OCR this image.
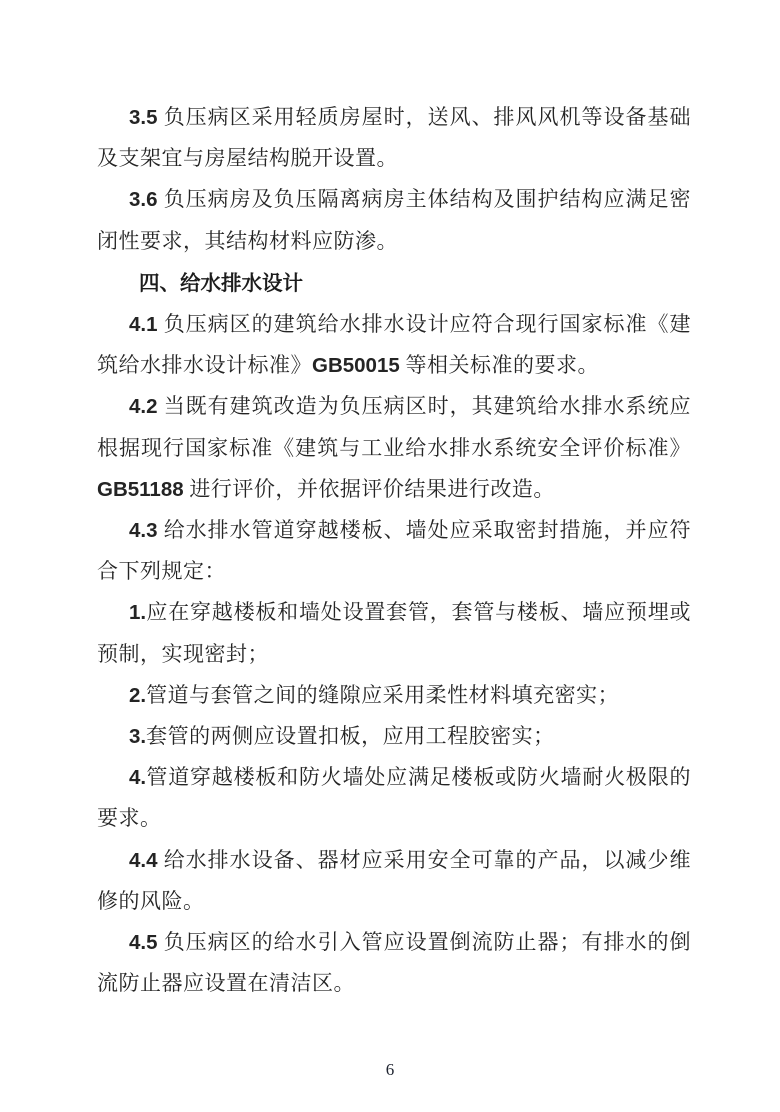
3.5 负压病区采用轻质房屋时，送风、排风风机等设备基础及支架宜与房屋结构脱开设置。

3.6 负压病房及负压隔离病房主体结构及围护结构应满足密闭性要求，其结构材料应防渗。

四、给水排水设计

4.1 负压病区的建筑给水排水设计应符合现行国家标准《建筑给水排水设计标准》GB50015 等相关标准的要求。

4.2 当既有建筑改造为负压病区时，其建筑给水排水系统应根据现行国家标准《建筑与工业给水排水系统安全评价标准》GB51188 进行评价，并依据评价结果进行改造。

4.3 给水排水管道穿越楼板、墙处应采取密封措施，并应符合下列规定：

1.应在穿越楼板和墙处设置套管，套管与楼板、墙应预埋或预制，实现密封；

2.管道与套管之间的缝隙应采用柔性材料填充密实；

3.套管的两侧应设置扣板，应用工程胶密实；

4.管道穿越楼板和防火墙处应满足楼板或防火墙耐火极限的要求。

4.4 给水排水设备、器材应采用安全可靠的产品，以减少维修的风险。

4.5 负压病区的给水引入管应设置倒流防止器；有排水的倒流防止器应设置在清洁区。

6
